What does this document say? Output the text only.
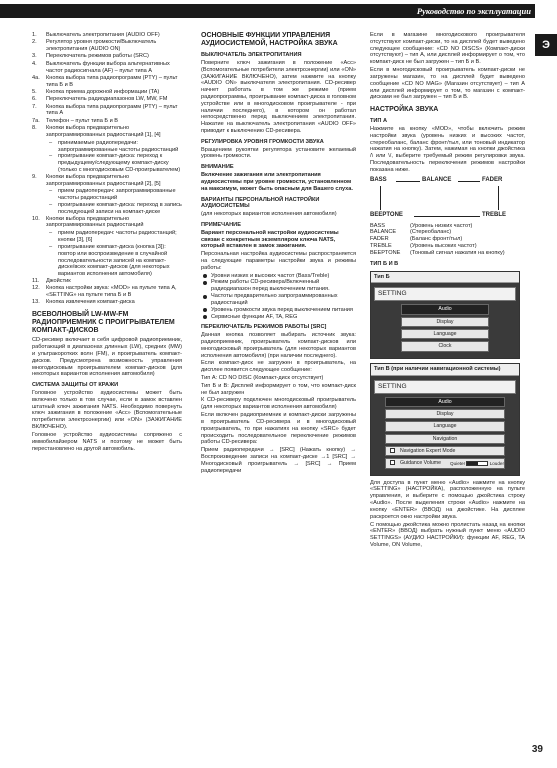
Руководство по эксплуатации
Э
1. Выключатель электропитания (AUDIO OFF)
2. Регулятор уровня громкости/Выключатель электропитания (AUDIO ON)
3. Переключатель режимов работы (SRC)
4. Выключатель функции выбора альтернативных частот радиосигнала (AF) – пульт типа A
4a. Кнопка выбора типа радиопрограмм (PTY) – пульт типа Б и В
5. Кнопка приема дорожной информации (TA)
6. Переключатель радиодиапазонов LW, MW, FM
7. Кнопка выбора типа радиопрограмм (PTY) – пульт типа A
7a. Телефон – пульт типа Б и В
8. Кнопки выбора предварительно запрограммированных радиостанций [1], [4]
– принимаемые радиопередачи: запрограммированные частоты радиостанций
– проигрывание компакт-диска: переход к предыдущему/следующему компакт-диску (только с многодисковым CD-проигрывателем)
9. Кнопки выбора предварительно запрограммированных радиостанций [2], [5]
– прием радиопередач: запрограммированные частоты радиостанций
– проигрывание компакт-диска: переход в запись последующей записи на компакт-диске
10. Кнопки выбора предварительно запрограммированных радиостанций
– прием радиопередач: частоты радиостанций; кнопки [3], [6]
– проигрывание компакт-диска (кнопка [3]): повтор или воспроизведение в случайной последовательности записей на компакт-диске/всех компакт-дисков (для некоторых вариантов исполнения автомобиля)
11. Джойстик
12. Кнопка настройки звука: «MOD» на пульте типа A, «SETTING» на пульте типа Б и В
13. Кнопка извлечения компакт-диска
ВСЕВОЛНОВЫЙ LW-MW-FM РАДИОПРИЕМНИК С ПРОИГРЫВАТЕЛЕМ КОМПАКТ-ДИСКОВ

CD-ресивер включает в себя цифровой радиоприемник, работающий в диапазонах длинных (LW), средних (MW) и ультракоротких волн (FM), и проигрыватель компакт-дисков. Предусмотрена возможность управления многодисковым проигрывателем компакт-дисков (для некоторых вариантов исполнения автомобиля)

СИСТЕМА ЗАЩИТЫ ОТ КРАЖИ

Головное устройство аудиосистемы может быть включено только в том случае, если в замок вставлен штатный ключ зажигания NATS. Необходимо повернуть ключ зажигания в положение «Acc» (Вспомогательные потребители электроэнергии) или «ON» (ЗАЖИГАНИЕ ВКЛЮЧЕНО).

Головное устройство аудиосистемы сопряжено с иммобилайзером NATS и поэтому не может быть перестановлено на другой автомобиль.

ОСНОВНЫЕ ФУНКЦИИ УПРАВЛЕНИЯ АУДИОСИСТЕМОЙ, НАСТРОЙКА ЗВУКА
ВЫКЛЮЧАТЕЛЬ ЭЛЕКТРОПИТАНИЯ

Поверните ключ зажигания в положение «Acc» (Вспомогательные потребители электроэнергии) или «ON» (ЗАЖИГАНИЕ ВКЛЮЧЕНО), затем нажмите на кнопку «AUDIO ON» выключателя электропитания. CD-ресивер начнет работать в том же режиме (прием радиопрограммы, проигрывание компакт-диска в головном устройстве или в многодисковом проигрывателе - при наличии последнего), в котором он работал непосредственно перед выключением электропитания. Нажатие на выключатель электропитания «AUDIO OFF» приводит к выключению CD-ресивера.

РЕГУЛИРОВКА УРОВНЯ ГРОМКОСТИ ЗВУКА

Вращением рукоятки регулятора установите желаемый уровень громкости.

ВНИМАНИЕ

Включение зажигания или электропитания аудиосистемы при уровне громкости, установленном на максимум, может быть опасным для Вашего слуха.

ВАРИАНТЫ ПЕРСОНАЛЬНОЙ НАСТРОЙКИ АУДИОСИСТЕМЫ

(для некоторых вариантов исполнения автомобиля)

ПРИМЕЧАНИЕ

Вариант персональной настройки аудиосистемы связан с конкретным экземпляром ключа NATS, который вставлен в замок зажигания.

Персональная настройка аудиосистемы распространяется на следующие параметры настройки звука и режимы работы:

Уровни низких и высоких частот (Bass/Treble)
Режим работы CD-ресивера/Включенный радиодиапазон перед выключением питания.
Частоты предварительно запрограммированных радиостанций
Уровень громкости звука перед выключением питания
Сервисные функции AF, TA, REG
ПЕРЕКЛЮЧАТЕЛЬ РЕЖИМОВ РАБОТЫ [SRC]

Данная кнопка позволяет выбирать источник звука: радиоприемник, проигрыватель компакт-дисков или многодисковый проигрыватель (для некоторых вариантов исполнения автомобиля) (при наличии последнего).

Если компакт-диск не загружен в проигрыватель, на дисплее появится следующее сообщение:

Тип A: CD NO DISC (Компакт-диск отсутствует)

Тип Б и В: Дисплей информирует о том, что компакт-диск не был загружен

К CD-ресиверу подключен многодисковый проигрыватель (для некоторых вариантов исполнения автомобиля)

Если включен радиоприемник и компакт-диски загружены в проигрыватель CD-ресивера и в многодисковый проигрыватель, то при нажатиях на кнопку «SRC» будет происходить последовательное переключение режимов работы CD-ресивера:

Прием радиопередачи → [SRC] (Нажать кнопку) → Воспроизведение записи на компакт-диске →1 [SRC] → Многодисковый проигрыватель → [SRC] → Прием радиопередачи

Если в магазине многодискового проигрывателя отсутствуют компакт-диски, то на дисплей будет выведено следующее сообщение: «CD NO DISCS» (Компакт-диски отсутствуют) – тип A, или дисплей информирует о том, что компакт-диск не был загружен – тип Б и В.

Если в многодисковый проигрыватель компакт-диски не загружены магазин, то на дисплей будет выведено сообщение «CD NO MAG» (Магазин отсутствует) – тип A или дисплей информирует о том, то магазин с компакт-дисками не был загружен – тип Б и В.

НАСТРОЙКА ЗВУКА
ТИП A

Нажмите на кнопку «MOD», чтобы включить режим настройки звука (уровень низких и высоких частот, стереобаланс, баланс фронт/тыл, или тоновый индикатор нажатия на кнопку). Затем, нажимая на кнопки джойстика /\ или \/, выберите требуемый режим регулировки звука. Последовательность переключения режимов настройки показана ниже.

BASS	BALANCE	FADER
BEEPTONE	TREBLE
BASS	(Уровень низких частот)
BALANCE	(Стереобаланс)
FADER	(Баланс фронт/тыл)
TREBLE	(Уровень высоких частот)
BEEPTONE	(Тоновый сигнал нажатия на кнопку)
ТИП Б И В
Тип Б
SETTING
Audio
Display
Language
Clock
Тип В (при наличии навигационной системы)
SETTING
Audio
Display
Language
Navigation
Navigation Expert Mode
Guidance Volume Quieter	Louder

Для доступа в пункт меню «Audio» нажмите на кнопку «SETTING» (НАСТРОЙКА), расположенную на пульте управления, и выберите с помощью джойстика строку «Audio». После выделения строки «Audio» нажмите на кнопку «ENTER» (ВВОД) на джойстике. На дисплее раскроется окно настройки звука.

С помощью джойстика можно пролистать назад на кнопки «ENTER» (ВВОД) выбрать нужный пункт меню «AUDIO SETTINGS» (АУДИО НАСТРОЙКИ): функции AF, REG, TA Volume, ON Volume,

39
